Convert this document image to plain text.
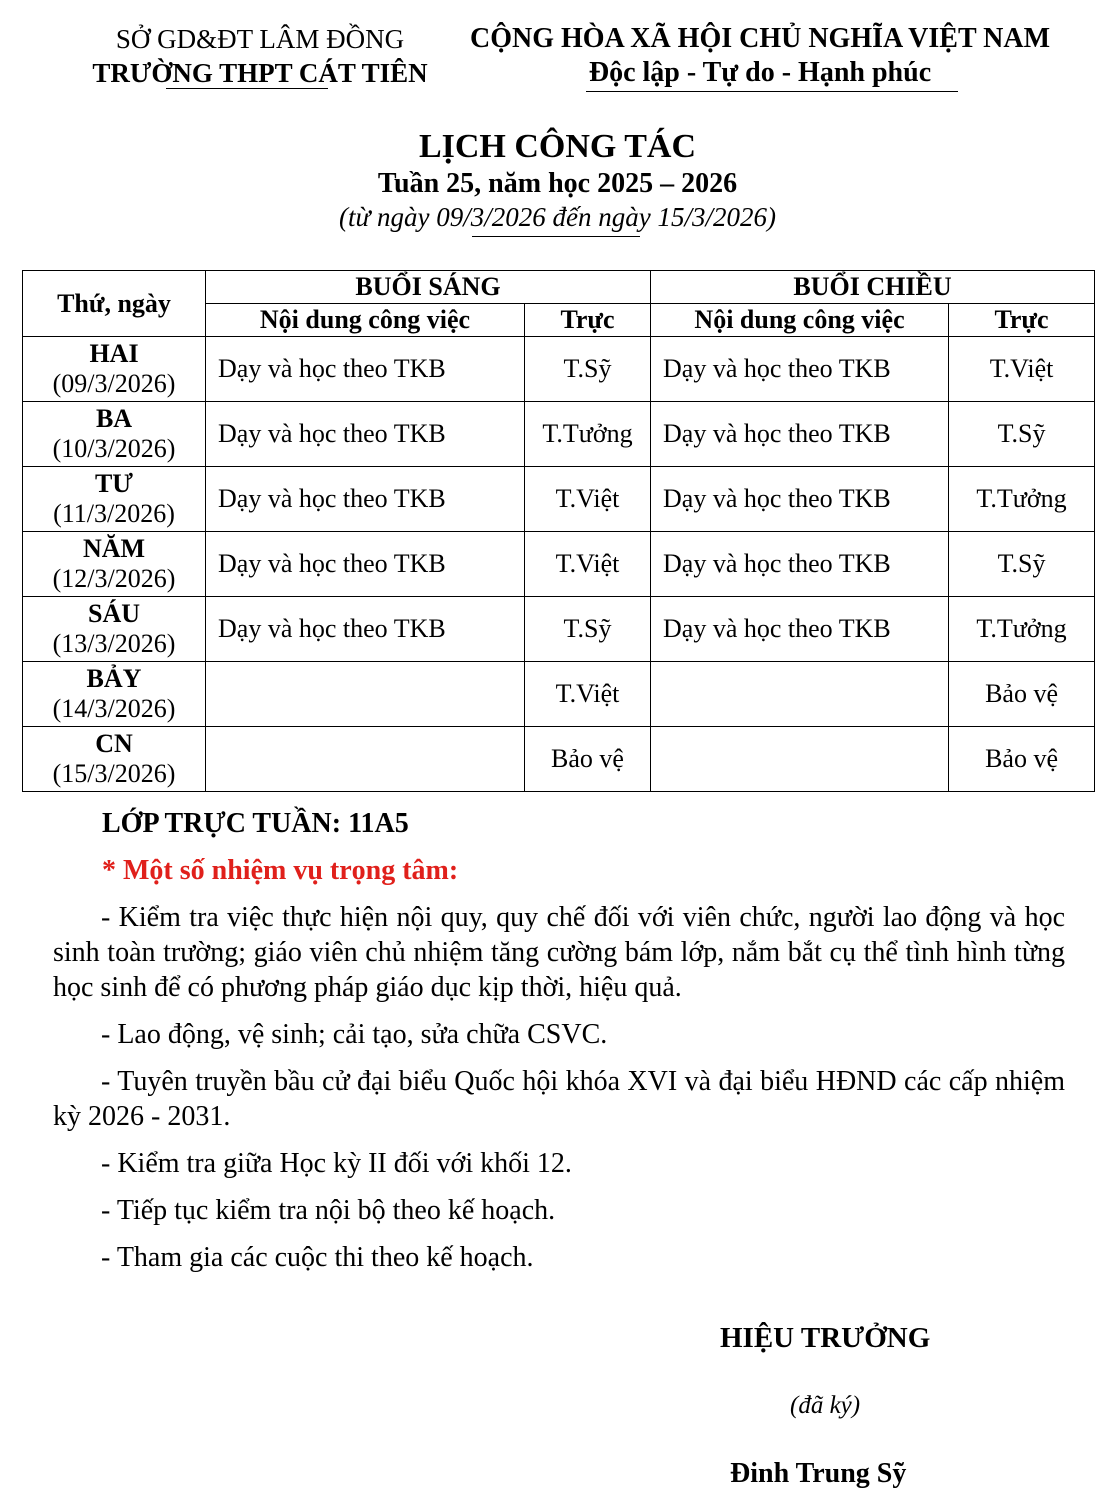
SỞ GD&ĐT LÂM ĐỒNG
TRƯỜNG THPT CÁT TIÊN
CỘNG HÒA XÃ HỘI CHỦ NGHĨA VIỆT NAM
Độc lập - Tự do - Hạnh phúc
LỊCH CÔNG TÁC
Tuần 25, năm học 2025 – 2026
(từ ngày 09/3/2026 đến ngày 15/3/2026)
Thứ, ngày	BUỔI SÁNG		BUỔI CHIỀU	
	Nội dung công việc	Trực	Nội dung công việc	Trực

HAI
(09/3/2026)	Dạy và học theo TKB	T.Sỹ	Dạy và học theo TKB	T.Việt

BA
(10/3/2026)	Dạy và học theo TKB	T.Tưởng	Dạy và học theo TKB	T.Sỹ

TƯ
(11/3/2026)	Dạy và học theo TKB	T.Việt	Dạy và học theo TKB	T.Tưởng

NĂM
(12/3/2026)	Dạy và học theo TKB	T.Việt	Dạy và học theo TKB	T.Sỹ

SÁU
(13/3/2026)	Dạy và học theo TKB	T.Sỹ	Dạy và học theo TKB	T.Tưởng

BẢY
(14/3/2026)		T.Việt		Bảo vệ

CN
(15/3/2026)		Bảo vệ		Bảo vệ
LỚP TRỰC TUẦN: 11A5
* Một số nhiệm vụ trọng tâm:

- Kiểm tra việc thực hiện nội quy, quy chế đối với viên chức, người lao động và học sinh toàn trường; giáo viên chủ nhiệm tăng cường bám lớp, nắm bắt cụ thể tình hình từng học sinh để có phương pháp giáo dục kịp thời, hiệu quả.

- Lao động, vệ sinh; cải tạo, sửa chữa CSVC.

- Tuyên truyền bầu cử đại biểu Quốc hội khóa XVI và đại biểu HĐND các cấp nhiệm kỳ 2026 - 2031.

- Kiểm tra giữa Học kỳ II đối với khối 12.

- Tiếp tục kiểm tra nội bộ theo kế hoạch.

- Tham gia các cuộc thi theo kế hoạch.

HIỆU TRƯỞNG
(đã ký)
Đinh Trung Sỹ
